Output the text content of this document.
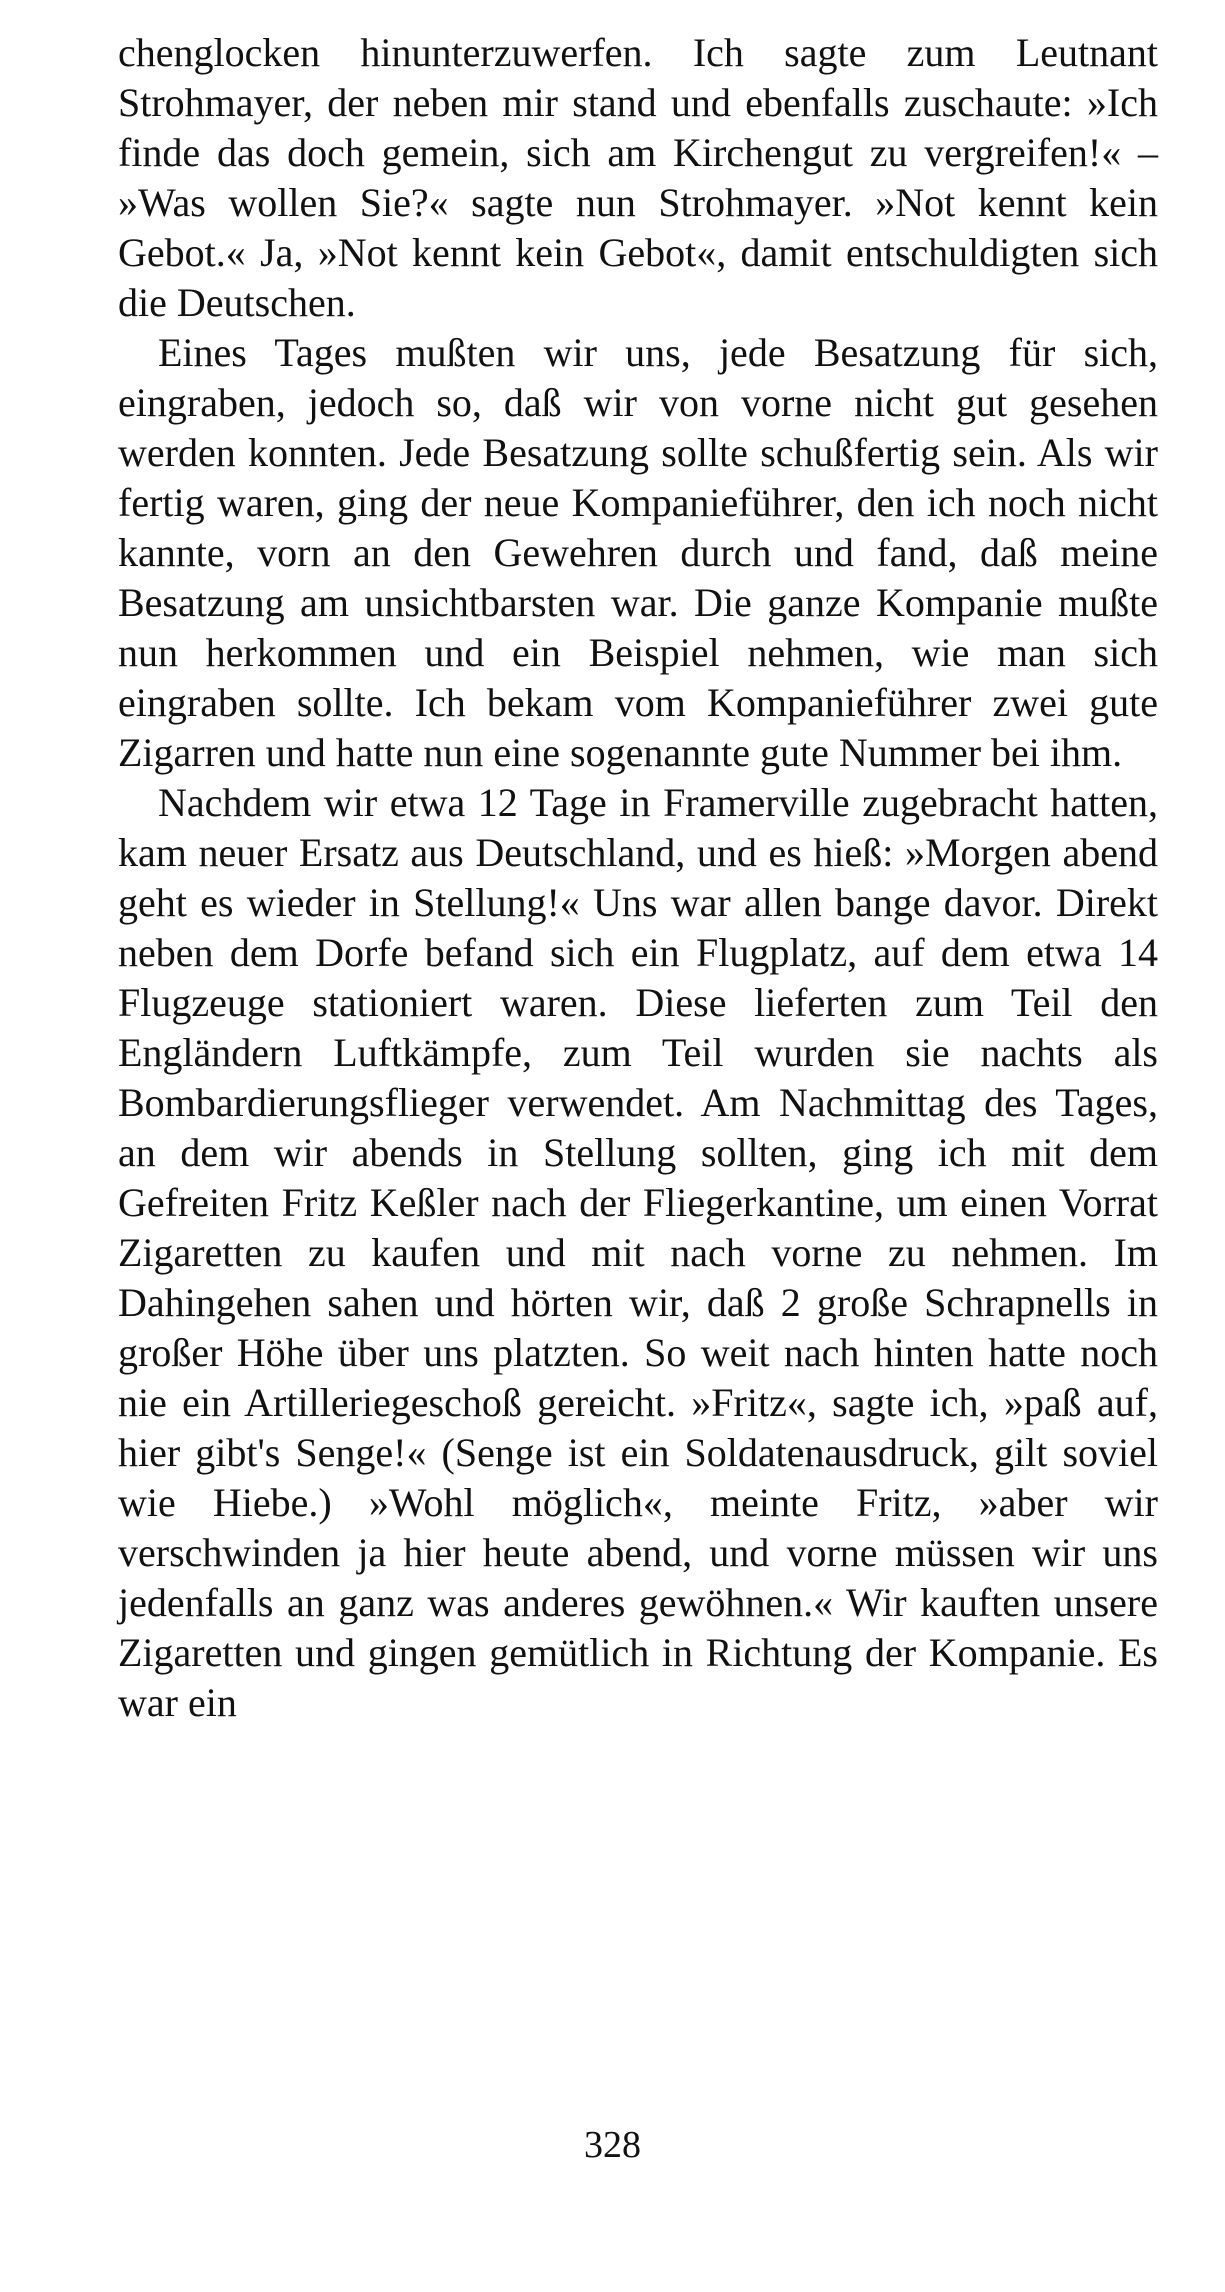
chenglocken hinunterzuwerfen. Ich sagte zum Leutnant Strohmayer, der neben mir stand und ebenfalls zuschaute: »Ich finde das doch gemein, sich am Kirchengut zu vergreifen!« – »Was wollen Sie?« sagte nun Strohmayer. »Not kennt kein Gebot.« Ja, »Not kennt kein Gebot«, damit entschuldigten sich die Deutschen.

Eines Tages mußten wir uns, jede Besatzung für sich, eingraben, jedoch so, daß wir von vorne nicht gut gesehen werden konnten. Jede Besatzung sollte schußfertig sein. Als wir fertig waren, ging der neue Kompanieführer, den ich noch nicht kannte, vorn an den Gewehren durch und fand, daß meine Besatzung am unsichtbarsten war. Die ganze Kompanie mußte nun herkommen und ein Beispiel nehmen, wie man sich eingraben sollte. Ich bekam vom Kompanieführer zwei gute Zigarren und hatte nun eine sogenannte gute Nummer bei ihm.

Nachdem wir etwa 12 Tage in Framerville zugebracht hatten, kam neuer Ersatz aus Deutschland, und es hieß: »Morgen abend geht es wieder in Stellung!« Uns war allen bange davor. Direkt neben dem Dorfe befand sich ein Flugplatz, auf dem etwa 14 Flugzeuge stationiert waren. Diese lieferten zum Teil den Engländern Luftkämpfe, zum Teil wurden sie nachts als Bombardierungsflieger verwendet. Am Nachmittag des Tages, an dem wir abends in Stellung sollten, ging ich mit dem Gefreiten Fritz Keßler nach der Fliegerkantine, um einen Vorrat Zigaretten zu kaufen und mit nach vorne zu nehmen. Im Dahingehen sahen und hörten wir, daß 2 große Schrapnells in großer Höhe über uns platzten. So weit nach hinten hatte noch nie ein Artilleriegeschoß gereicht. »Fritz«, sagte ich, »paß auf, hier gibt's Senge!« (Senge ist ein Soldatenausdruck, gilt soviel wie Hiebe.) »Wohl möglich«, meinte Fritz, »aber wir verschwinden ja hier heute abend, und vorne müssen wir uns jedenfalls an ganz was anderes gewöhnen.« Wir kauften unsere Zigaretten und gingen gemütlich in Richtung der Kompanie. Es war ein

328
